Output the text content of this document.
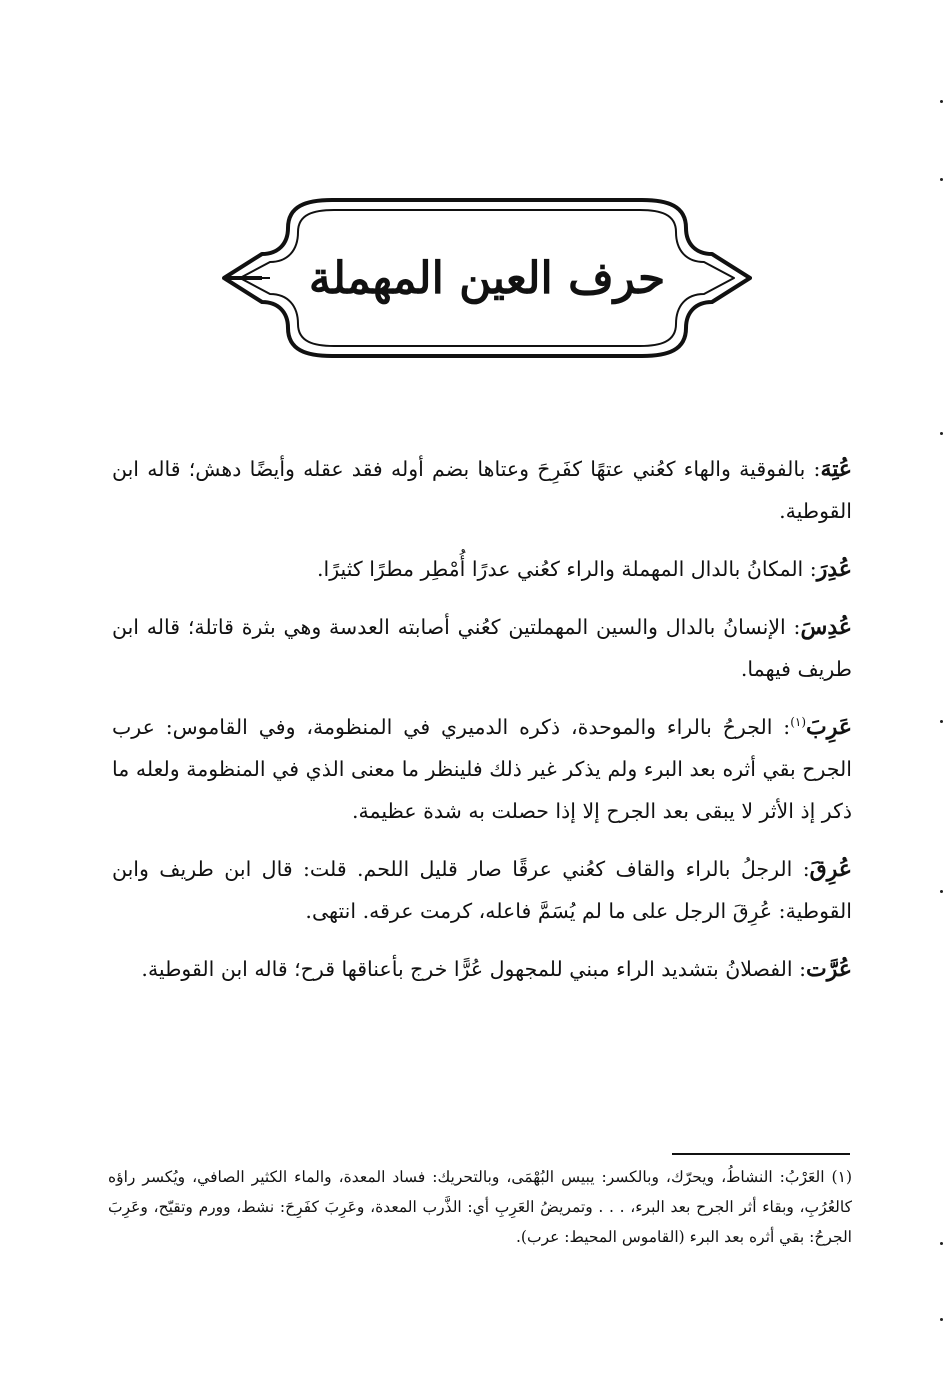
حرف العين المهملة

عُتِهَ: بالفوقية والهاء كعُني عتهًا كفَرِحَ وعتاها بضم أوله فقد عقله وأيضًا دهش؛ قاله ابن القوطية.

عُدِرَ: المكانُ بالدال المهملة والراء كعُني عدرًا أُمْطِر مطرًا كثيرًا.

عُدِسَ: الإنسانُ بالدال والسين المهملتين كعُني أصابته العدسة وهي بثرة قاتلة؛ قاله ابن طريف فيهما.

عَرِبَ$^{(١)}$: الجرحُ بالراء والموحدة، ذكره الدميري في المنظومة، وفي القاموس: عرب الجرح بقي أثره بعد البرء ولم يذكر غير ذلك فلينظر ما معنى الذي في المنظومة ولعله ما ذكر إذ الأثر لا يبقى بعد الجرح إلا إذا حصلت به شدة عظيمة.

عُرِقَ: الرجلُ بالراء والقاف كعُني عرقًا صار قليل اللحم. قلت: قال ابن طريف وابن القوطية: عُرِقَ الرجل على ما لم يُسَمَّ فاعله، كرمت عرقه. انتهى.

عُرَّت: الفصلانُ بتشديد الراء مبني للمجهول عُرًّا خرج بأعناقها قرح؛ قاله ابن القوطية.

(١) العَرْبُ: النشاطُ، ويحرّك، وبالكسر: يبيس البُهْمَى، وبالتحريك: فساد المعدة، والماء الكثير الصافي، ويُكسر راؤه كالعُرُبِ، وبقاء أثر الجرح بعد البرء، . . . وتمريضُ العَرِبِ أي: الذَّرب المعدة، وعَرِبَ كفَرِحَ: نشط، وورم وتقيّح، وعَرِبَ الجرحُ: بقي أثره بعد البرء (القاموس المحيط: عرب).
